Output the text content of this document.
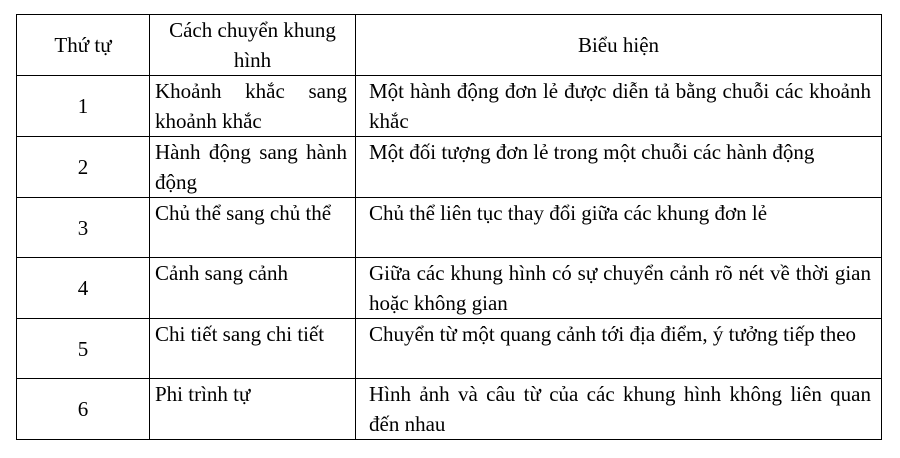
Thứ tự	Cách chuyển khung hình	Biểu hiện
1	Khoảnh khắc sang khoảnh khắc	Một hành động đơn lẻ được diễn tả bằng chuỗi các khoảnh khắc
2	Hành động sang hành động	Một đối tượng đơn lẻ trong một chuỗi các hành động
3	Chủ thể sang chủ thể	Chủ thể liên tục thay đổi giữa các khung đơn lẻ
4	Cảnh sang cảnh	Giữa các khung hình có sự chuyển cảnh rõ nét về thời gian hoặc không gian
5	Chi tiết sang chi tiết	Chuyển từ một quang cảnh tới địa điểm, ý tưởng tiếp theo
6	Phi trình tự	Hình ảnh và câu từ của các khung hình không liên quan đến nhau
